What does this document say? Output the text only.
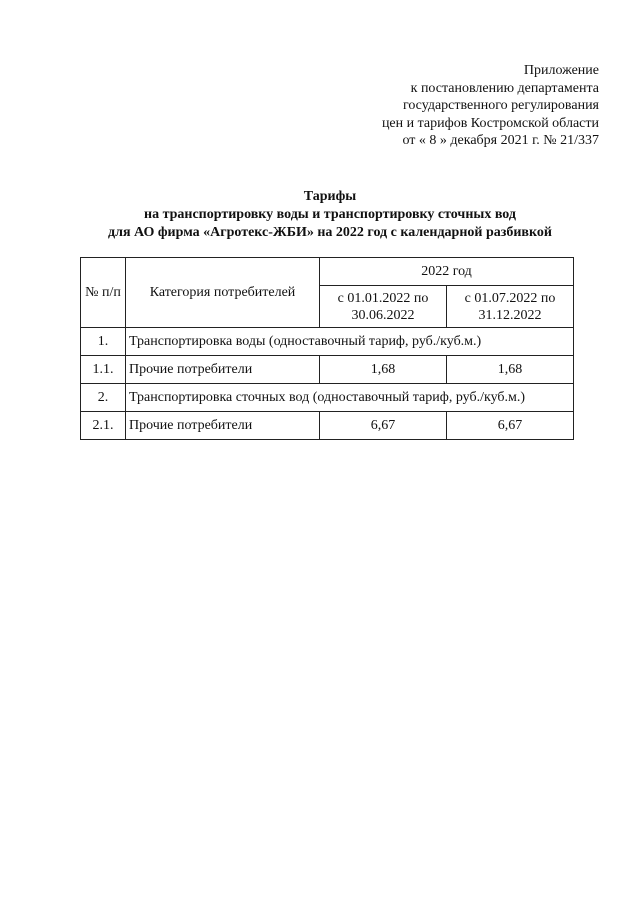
Приложение
к постановлению департамента
государственного регулирования
цен и тарифов Костромской области
от « 8 » декабря 2021 г. № 21/337
Тарифы
на транспортировку воды и транспортировку сточных вод
для АО фирма «Агротекс-ЖБИ» на 2022 год с календарной разбивкой
№ п/п	Категория потребителей	2022 год	
		с 01.01.2022 по 30.06.2022	с 01.07.2022 по 31.12.2022
1.	Транспортировка воды (одноставочный тариф, руб./куб.м.)		
1.1.	Прочие потребители	1,68	1,68
2.	Транспортировка сточных вод (одноставочный тариф, руб./куб.м.)		
2.1.	Прочие потребители	6,67	6,67
